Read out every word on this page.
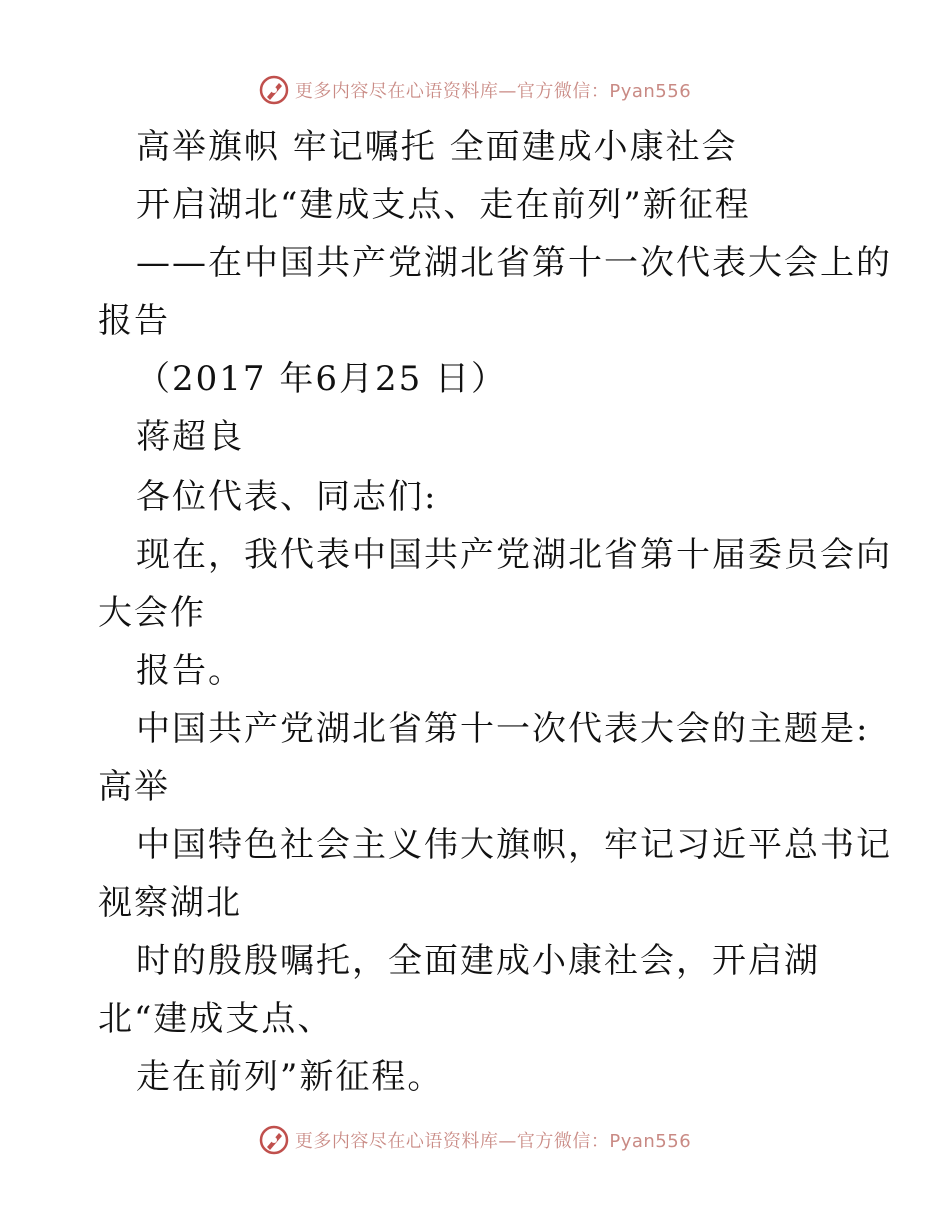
更多内容尽在心语资料库—官方微信：Pyan556
高举旗帜 牢记嘱托 全面建成小康社会
开启湖北“建成支点、走在前列”新征程
——在中国共产党湖北省第十一次代表大会上的
报告
（2017 年6月25 日）
蒋超良
各位代表、同志们:
现在，我代表中国共产党湖北省第十届委员会向
大会作
报告。
中国共产党湖北省第十一次代表大会的主题是:
高举
中国特色社会主义伟大旗帜，牢记习近平总书记
视察湖北
时的殷殷嘱托，全面建成小康社会，开启湖
北“建成支点、
走在前列”新征程。
更多内容尽在心语资料库—官方微信：Pyan556
